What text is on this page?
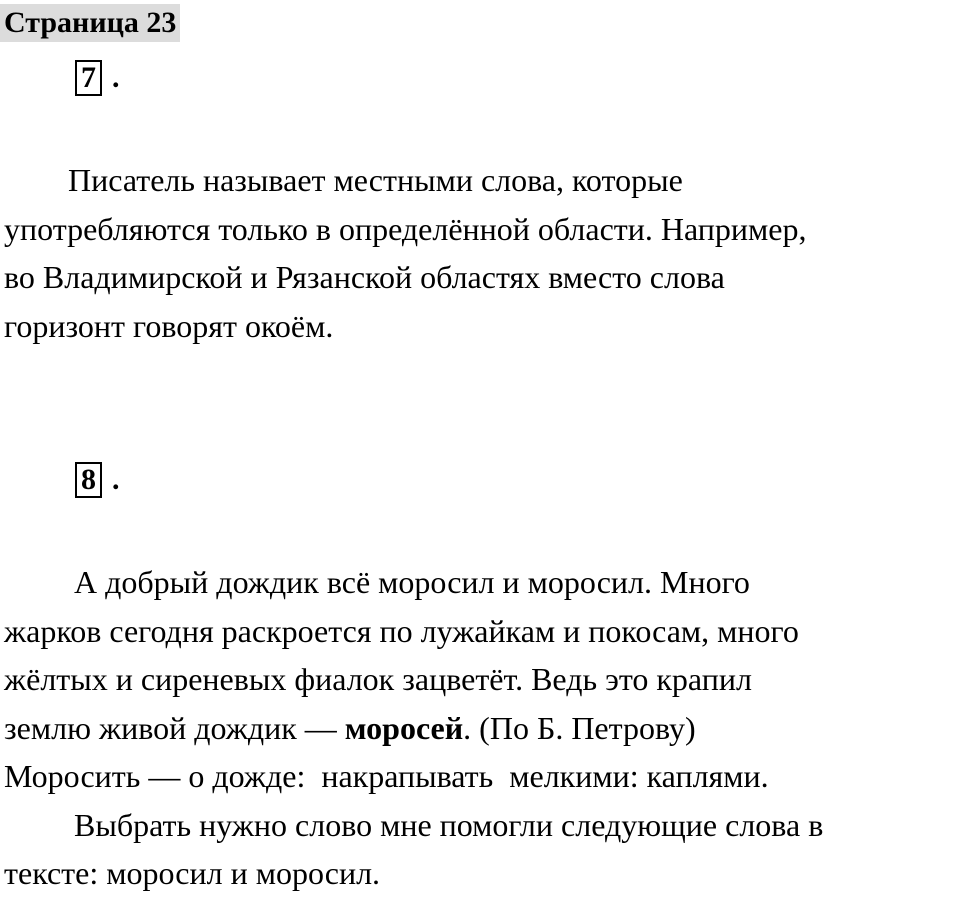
Страница 23
7 .
Писатель называет местными слова, которые
употребляются только в определённой области. Например,
во Владимирской и Рязанской областях вместо слова
горизонт говорят окоём.
8 .
А добрый дождик всё моросил и моросил. Много
жарков сегодня раскроется по лужайкам и покосам, много
жёлтых и сиреневых фиалок зацветёт. Ведь это крапил
землю живой дождик — моросей. (По Б. Петрову)
Моросить — о дожде:  накрапывать  мелкими: каплями.
Выбрать нужно слово мне помогли следующие слова в
тексте: моросил и моросил.
